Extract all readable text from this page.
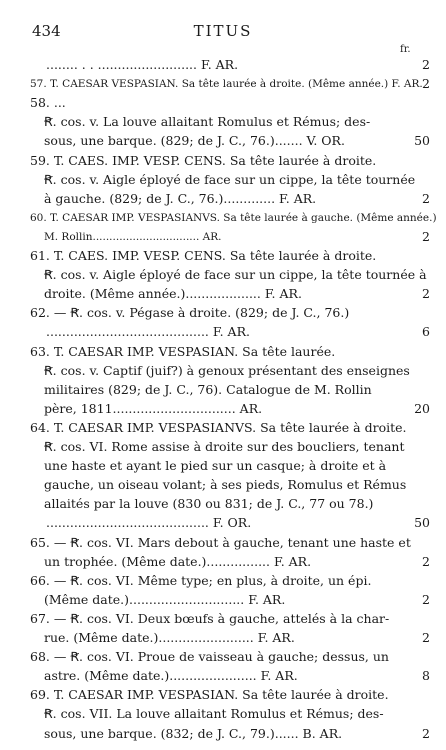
434	TITUS
fr.
........ . . ......................... F. AR.	2
57. T. CAESAR VESPASIAN. Sa tête laurée à droite. (Même année.) F. AR. 2
58. ...
Ꞧ. cos. v. La louve allaitant Romulus et Rémus; des-
sous, une barque. (829; de J. C., 76.)....... V. OR.	50
59. T. CAES. IMP. VESP. CENS. Sa tête laurée à droite.
Ꞧ. cos. v. Aigle éployé de face sur un cippe, la tête tournée
à gauche. (829; de J. C., 76.)............. F. AR.	2
60. T. CAESAR IMP. VESPASIANVS. Sa tête laurée à gauche. (Même année.)
M. Rollin................................ AR.	2
61. T. CAES. IMP. VESP. CENS. Sa tête laurée à droite.
Ꞧ. cos. v. Aigle éployé de face sur un cippe, la tête tournée à
droite. (Même année.)................... F. AR.	2
62. — Ꞧ. cos. v. Pégase à droite. (829; de J. C., 76.)
......................................... F. AR.	6
63. T. CAESAR IMP. VESPASIAN. Sa tête laurée.
Ꞧ. cos. v. Captif (juif?) à genoux présentant des enseignes
militaires (829; de J. C., 76). Catalogue de M. Rollin
père, 1811............................... AR.	20
64. T. CAESAR IMP. VESPASIANVS. Sa tête laurée à droite.
Ꞧ. cos. VI. Rome assise à droite sur des boucliers, tenant
une haste et ayant le pied sur un casque; à droite et à
gauche, un oiseau volant; à ses pieds, Romulus et Rémus
allaités par la louve (830 ou 831; de J. C., 77 ou 78.)
......................................... F. OR.	50
65. — Ꞧ. cos. VI. Mars debout à gauche, tenant une haste et
un trophée. (Même date.)................ F. AR.	2
66. — Ꞧ. cos. VI. Même type; en plus, à droite, un épi.
(Même date.)............................. F. AR.	2
67. — Ꞧ. cos. VI. Deux bœufs à gauche, attelés à la char-
rue. (Même date.)........................ F. AR.	2
68. — Ꞧ. cos. VI. Proue de vaisseau à gauche; dessus, un
astre. (Même date.)...................... F. AR.	8
69. T. CAESAR IMP. VESPASIAN. Sa tête laurée à droite.
Ꞧ. cos. VII. La louve allaitant Romulus et Rémus; des-
sous, une barque. (832; de J. C., 79.)...... B. AR.	2
